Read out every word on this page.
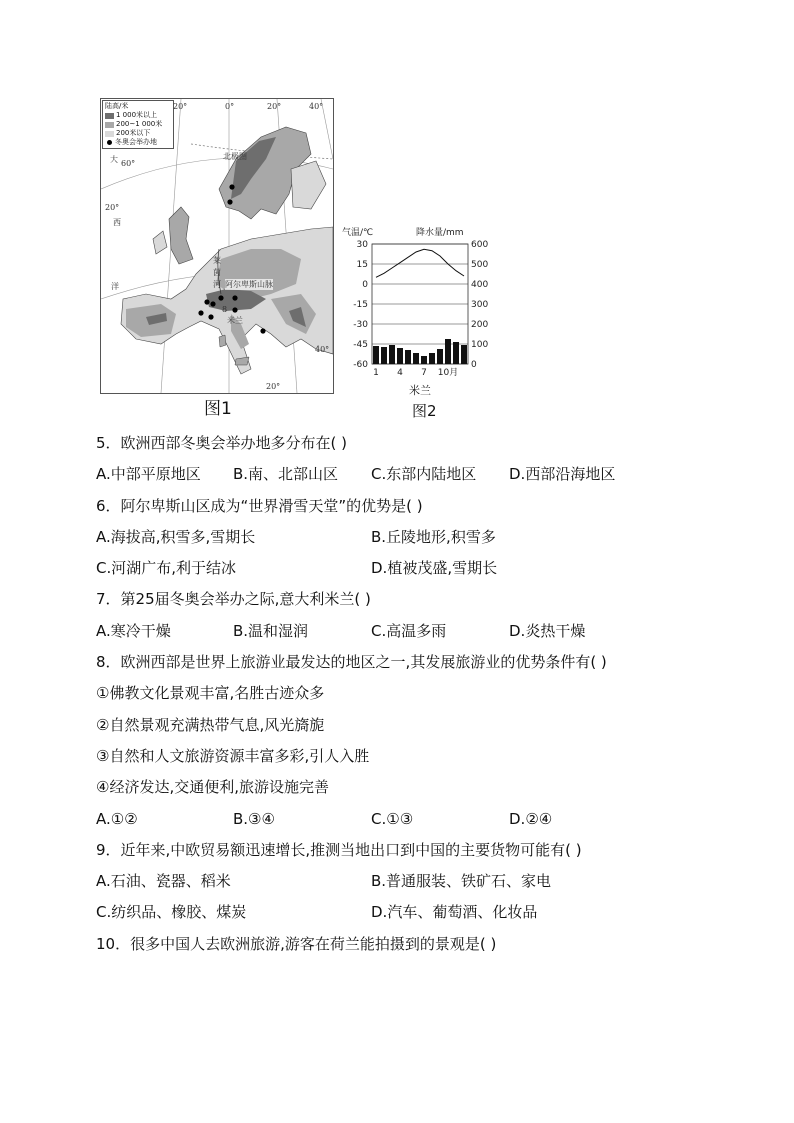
陆高/米
1 000米以上
200~1 000米
200米以下
冬奥会举办地
20°	0°	20°	40°
60°
20°
40°
20°
北极圈
大
西
洋
莱
茵
河 阿尔卑斯山脉
8
米兰
图1
30	600
15	500
0	400
-15	300
-30	200
-45	100
-60	0
气温/℃	降水量/mm
1 4 7 10月
米兰
图2
5．欧洲西部冬奥会举办地多分布在( )
A.中部平原地区 B.南、北部山区 C.东部内陆地区 D.西部沿海地区
6．阿尔卑斯山区成为“世界滑雪天堂”的优势是( )
A.海拔高,积雪多,雪期长	B.丘陵地形,积雪多
C.河湖广布,利于结冰	D.植被茂盛,雪期长
7．第25届冬奥会举办之际,意大利米兰( )
A.寒冷干燥	B.温和湿润	C.高温多雨	D.炎热干燥
8．欧洲西部是世界上旅游业最发达的地区之一,其发展旅游业的优势条件有( )
①佛教文化景观丰富,名胜古迹众多
②自然景观充满热带气息,风光旖旎
③自然和人文旅游资源丰富多彩,引人入胜
④经济发达,交通便利,旅游设施完善
A.①②	B.③④	C.①③	D.②④
9．近年来,中欧贸易额迅速增长,推测当地出口到中国的主要货物可能有( )
A.石油、瓷器、稻米	B.普通服装、铁矿石、家电
C.纺织品、橡胶、煤炭	D.汽车、葡萄酒、化妆品
10．很多中国人去欧洲旅游,游客在荷兰能拍摄到的景观是( )
